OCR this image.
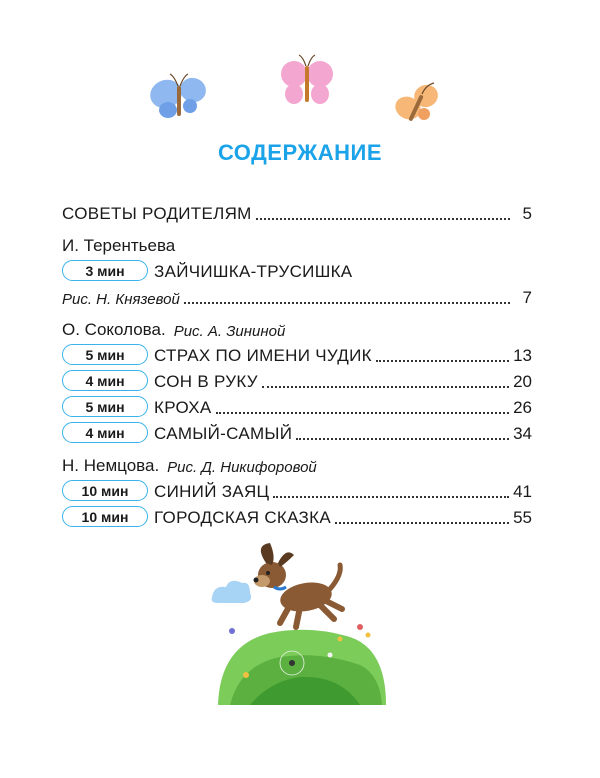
СОДЕРЖАНИЕ
СОВЕТЫ РОДИТЕЛЯМ	5
И. Терентьева
3 мин	ЗАЙЧИШКА-ТРУСИШКА
Рис. Н. Князевой	7
О. Соколова. Рис. А. Зининой
5 мин	СТРАХ ПО ИМЕНИ ЧУДИК	13
4 мин	СОН В РУКУ	20
5 мин	КРОХА	26
4 мин	САМЫЙ-САМЫЙ	34
Н. Немцова. Рис. Д. Никифоровой
10 мин	СИНИЙ ЗАЯЦ	41
10 мин	ГОРОДСКАЯ СКАЗКА	55
